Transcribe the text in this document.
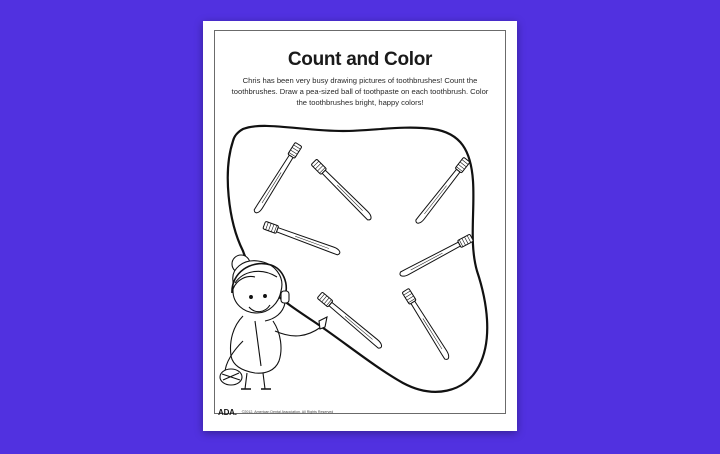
Count and Color
Chris has been very busy drawing pictures of toothbrushes! Count the toothbrushes. Draw a pea-sized ball of toothpaste on each toothbrush. Color the toothbrushes bright, happy colors!
ADA. ©2012, American Dental Association. All Rights Reserved
